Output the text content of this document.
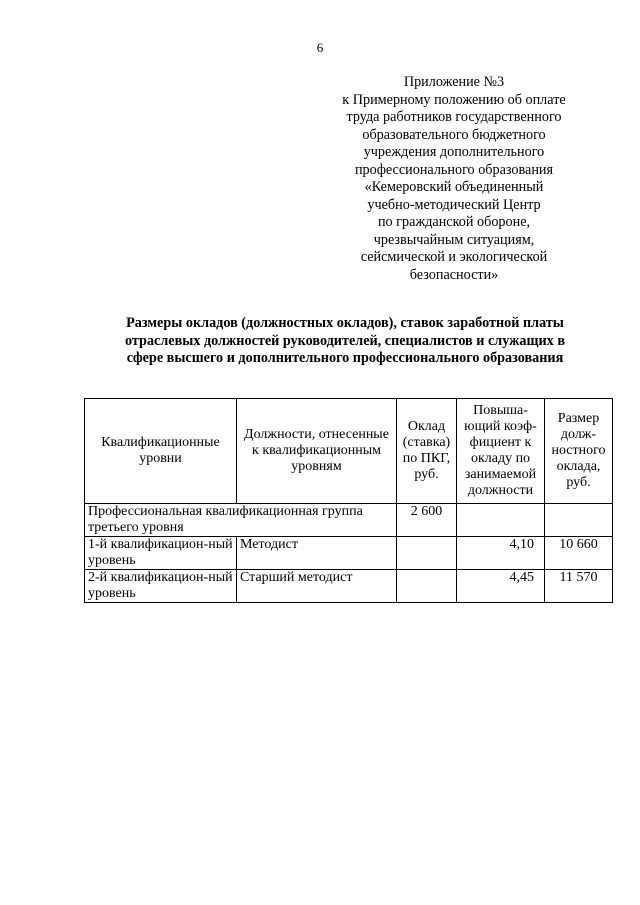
6
Приложение №3
к Примерному положению об оплате
труда работников государственного
образовательного бюджетного
учреждения дополнительного
профессионального образования
«Кемеровский объединенный
учебно-методический Центр
по гражданской обороне,
чрезвычайным ситуациям,
сейсмической и экологической
безопасности»
Размеры окладов (должностных окладов), ставок заработной платы
отраслевых должностей руководителей, специалистов и служащих в
сфере высшего и дополнительного профессионального образования
Квалификационные уровни	Должности, отнесенные к квалификационным уровням	Оклад (ставка) по ПКГ, руб.	Повыша-ющий коэф-фициент к окладу по занимаемой должности	Размер долж-ностного оклада, руб.
Профессиональная квалификационная группа третьего уровня		2 600		
1-й квалификацион-ный уровень	Методист		4,10	10 660
2-й квалификацион-ный уровень	Старший методист		4,45	11 570
